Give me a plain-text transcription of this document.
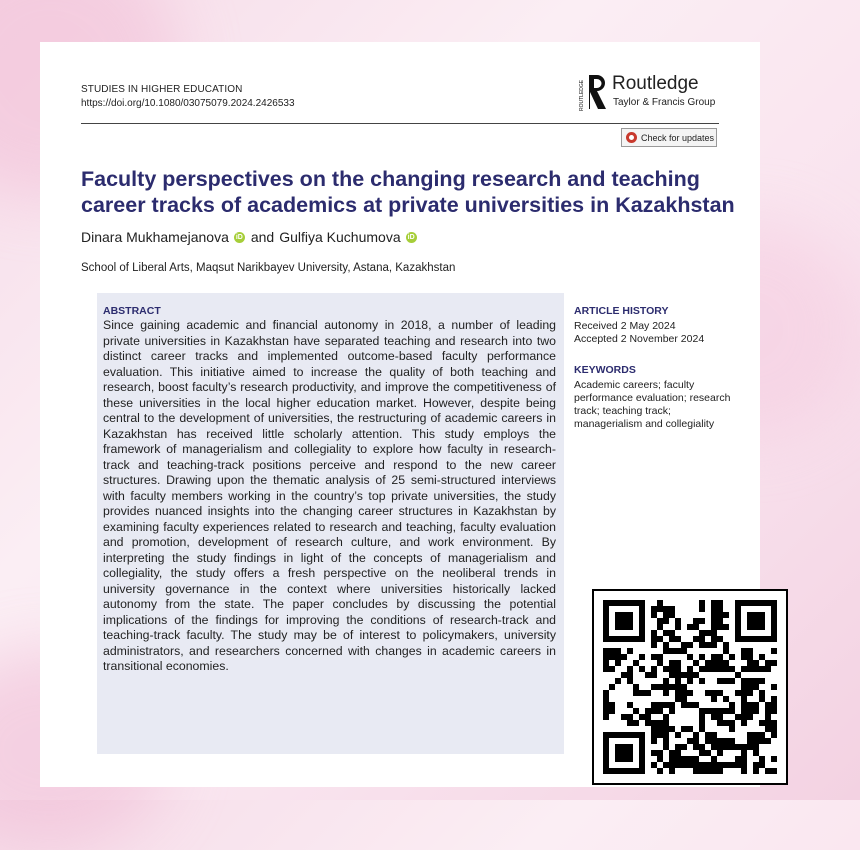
STUDIES IN HIGHER EDUCATION
https://doi.org/10.1080/03075079.2024.2426533	ROUTLEDGE Routledge
Taylor & Francis Group
Check for updates
Faculty perspectives on the changing research and teaching career tracks of academics at private universities in Kazakhstan
Dinara Mukhamejanova iD and Gulfiya Kuchumova iD
School of Liberal Arts, Maqsut Narikbayev University, Astana, Kazakhstan
ABSTRACT

Since gaining academic and financial autonomy in 2018, a number of leading private universities in Kazakhstan have separated teaching and research into two distinct career tracks and implemented outcome-based faculty performance evaluation. This initiative aimed to increase the quality of both teaching and research, boost faculty’s research productivity, and improve the competitiveness of these universities in the local higher education market. However, despite being central to the development of universities, the restructuring of academic careers in Kazakhstan has received little scholarly attention. This study employs the framework of managerialism and collegiality to explore how faculty in research-track and teaching-track positions perceive and respond to the new career structures. Drawing upon the thematic analysis of 25 semi-structured interviews with faculty members working in the country’s top private universities, the study provides nuanced insights into the changing career structures in Kazakhstan by examining faculty experiences related to research and teaching, faculty evaluation and promotion, development of research culture, and work environment. By interpreting the study findings in light of the concepts of managerialism and collegiality, the study offers a fresh perspective on the neoliberal trends in university governance in the context where universities historically lacked autonomy from the state. The paper concludes by discussing the potential implications of the findings for improving the conditions of research-track and teaching-track faculty. The study may be of interest to policymakers, university administrators, and researchers concerned with changes in academic careers in transitional economies.

ARTICLE HISTORY

Received 2 May 2024

Accepted 2 November 2024

KEYWORDS

Academic careers; faculty performance evaluation; research track; teaching track; managerialism and collegiality
